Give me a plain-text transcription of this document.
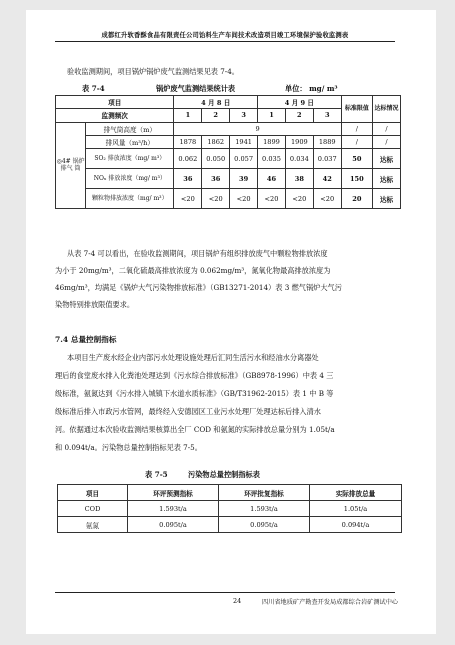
成都红升软香酥食品有限责任公司饴料生产车间技术改造项目竣工环境保护验收监测表
验收监测期间，项目锅炉锅炉废气监测结果见表 7-4。
表 7-4	锅炉废气监测结果统计表	单位： mg/ m³
项目		4 月 8 日			4 月 9 日			标准限值	达标情况

监测频次		1	2	3	1	2	3		
◎4# 锅炉 排气 筒	排气筒高度（m）	9						/	/
	排风量（m³/h）	1878	1862	1941	1899	1909	1889	/	/
	SO₂ 排放浓度（mg/ m³）	0.062	0.050	0.057	0.035	0.034	0.037	50	达标
	NOₓ 排放浓度（mg/ m³）	36	36	39	46	38	42	150	达标
	颗粒物排放浓度（mg/ m³）	<20	<20	<20	<20	<20	<20	20	达标
从表 7-4 可以看出，在验收监测期间，项目锅炉有组织排放废气中颗粒物排放浓度
为小于 20mg/m³，二氧化硫最高排放浓度为 0.062mg/m³，氮氧化物最高排放浓度为
46mg/m³，均满足《锅炉大气污染物排放标准》（GB13271-2014）表 3 燃气锅炉大气污
染物特别排放限值要求。
7.4 总量控制指标
本项目生产废水经企业内部污水处理设施处理后汇同生活污水和经油水分离器处
理后的食堂废水排入化粪池处理达到《污水综合排放标准》（GB8978-1996）中表 4 三
级标准，氨氮达到《污水排入城镇下水道水质标准》（GB/T31962-2015）表 1 中 B 等
级标准后排入市政污水管网，最终经入安德园区工业污水处理厂处理达标后排入清水
河。依据通过本次验收监测结果核算出全厂 COD 和氨氮的实际排放总量分别为 1.05t/a
和 0.094t/a。污染物总量控制指标见表 7-5。
表 7-5	污染物总量控制指标表
项目	环评预测指标	环评批复指标	实际排放总量
COD	1.593t/a	1.593t/a	1.05t/a
氨氮	0.095t/a	0.095t/a	0.094t/a
24	四川省地质矿产勘查开发局成都综合岩矿测试中心
